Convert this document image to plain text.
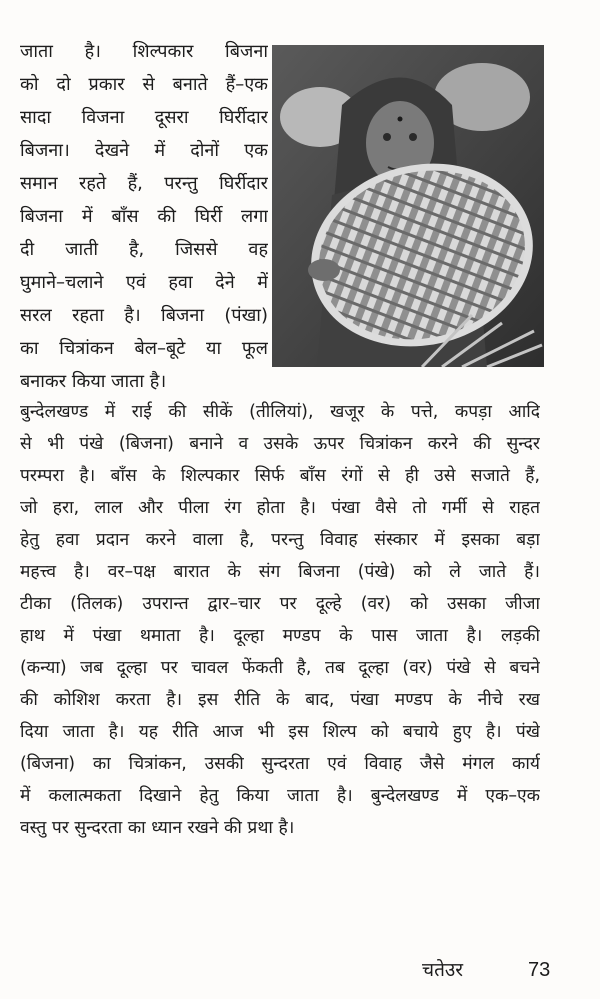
जाता है। शिल्पकार बिजना
को दो प्रकार से बनाते हैं–एक
सादा विजना दूसरा घिर्रीदार
बिजना। देखने में दोनों एक
समान रहते हैं, परन्तु घिर्रीदार
बिजना में बाँस की घिर्री लगा
दी जाती है, जिससे वह
घुमाने–चलाने एवं हवा देने में
सरल रहता है। बिजना (पंखा)
का चित्रांकन बेल–बूटे या फूल
बनाकर किया जाता है।
बुन्देलखण्ड में राई की सीकें (तीलियां), खजूर के पत्ते, कपड़ा आदि
से भी पंखे (बिजना) बनाने व उसके ऊपर चित्रांकन करने की सुन्दर
परम्परा है। बाँस के शिल्पकार सिर्फ बाँस रंगों से ही उसे सजाते हैं,
जो हरा, लाल और पीला रंग होता है। पंखा वैसे तो गर्मी से राहत
हेतु हवा प्रदान करने वाला है, परन्तु विवाह संस्कार में इसका बड़ा
महत्त्व है। वर–पक्ष बारात के संग बिजना (पंखे) को ले जाते हैं।
टीका (तिलक) उपरान्त द्वार–चार पर दूल्हे (वर) को उसका जीजा
हाथ में पंखा थमाता है। दूल्हा मण्डप के पास जाता है। लड़की
(कन्या) जब दूल्हा पर चावल फेंकती है, तब दूल्हा (वर) पंखे से बचने
की कोशिश करता है। इस रीति के बाद, पंखा मण्डप के नीचे रख
दिया जाता है। यह रीति आज भी इस शिल्प को बचाये हुए है। पंखे
(बिजना) का चित्रांकन, उसकी सुन्दरता एवं विवाह जैसे मंगल कार्य
में कलात्मकता दिखाने हेतु किया जाता है। बुन्देलखण्ड में एक–एक
वस्तु पर सुन्दरता का ध्यान रखने की प्रथा है।
चतेउर	73
